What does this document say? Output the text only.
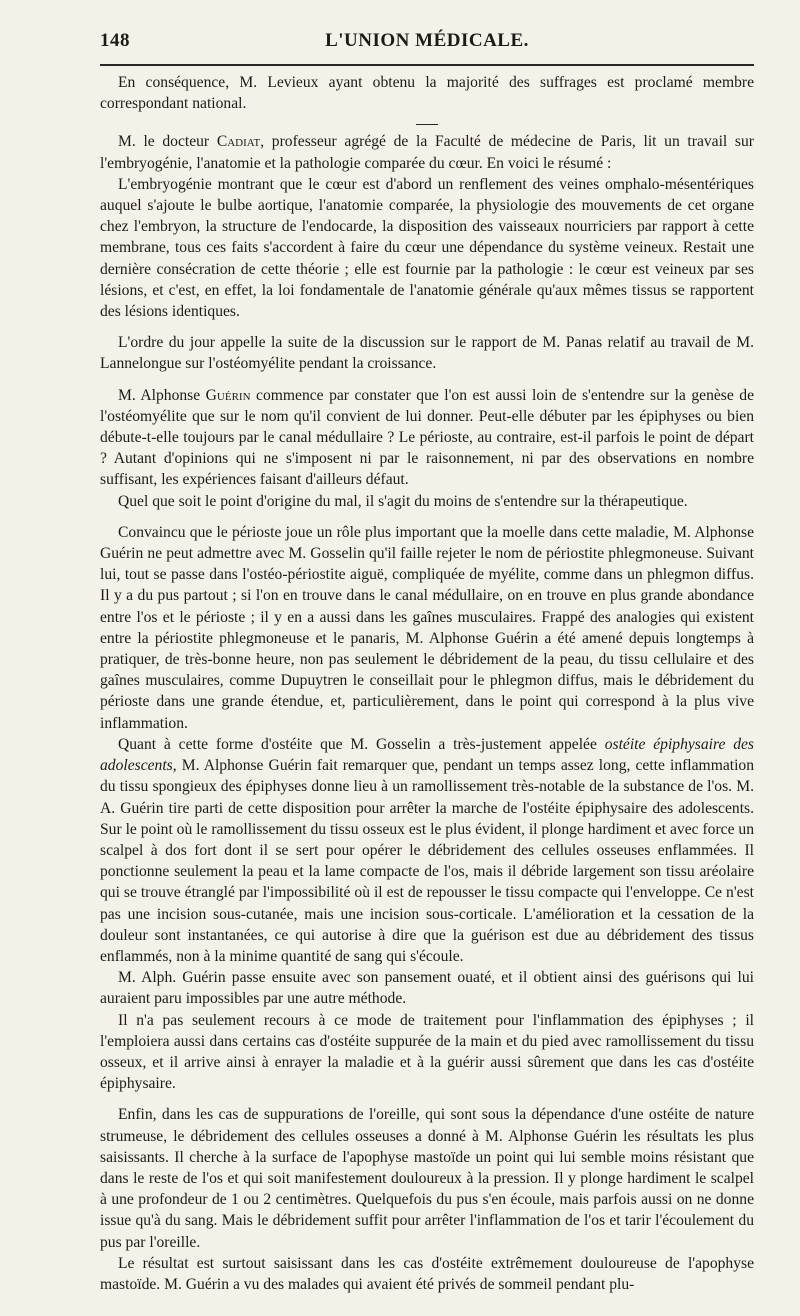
148	L'UNION MÉDICALE.

En conséquence, M. Levieux ayant obtenu la majorité des suffrages est proclamé membre correspondant national.

M. le docteur Cadiat, professeur agrégé de la Faculté de médecine de Paris, lit un travail sur l'embryogénie, l'anatomie et la pathologie comparée du cœur. En voici le résumé :

L'embryogénie montrant que le cœur est d'abord un renflement des veines omphalo-mésentériques auquel s'ajoute le bulbe aortique, l'anatomie comparée, la physiologie des mouvements de cet organe chez l'embryon, la structure de l'endocarde, la disposition des vaisseaux nourriciers par rapport à cette membrane, tous ces faits s'accordent à faire du cœur une dépendance du système veineux. Restait une dernière consécration de cette théorie ; elle est fournie par la pathologie : le cœur est veineux par ses lésions, et c'est, en effet, la loi fondamentale de l'anatomie générale qu'aux mêmes tissus se rapportent des lésions identiques.

L'ordre du jour appelle la suite de la discussion sur le rapport de M. Panas relatif au travail de M. Lannelongue sur l'ostéomyélite pendant la croissance.

M. Alphonse Guérin commence par constater que l'on est aussi loin de s'entendre sur la genèse de l'ostéomyélite que sur le nom qu'il convient de lui donner. Peut-elle débuter par les épiphyses ou bien débute-t-elle toujours par le canal médullaire ? Le périoste, au contraire, est-il parfois le point de départ ? Autant d'opinions qui ne s'imposent ni par le raisonnement, ni par des observations en nombre suffisant, les expériences faisant d'ailleurs défaut.

Quel que soit le point d'origine du mal, il s'agit du moins de s'entendre sur la thérapeutique.

Convaincu que le périoste joue un rôle plus important que la moelle dans cette maladie, M. Alphonse Guérin ne peut admettre avec M. Gosselin qu'il faille rejeter le nom de périostite phlegmoneuse. Suivant lui, tout se passe dans l'ostéo-périostite aiguë, compliquée de myélite, comme dans un phlegmon diffus. Il y a du pus partout ; si l'on en trouve dans le canal médullaire, on en trouve en plus grande abondance entre l'os et le périoste ; il y en a aussi dans les gaînes musculaires. Frappé des analogies qui existent entre la périostite phlegmoneuse et le panaris, M. Alphonse Guérin a été amené depuis longtemps à pratiquer, de très-bonne heure, non pas seulement le débridement de la peau, du tissu cellulaire et des gaînes musculaires, comme Dupuytren le conseillait pour le phlegmon diffus, mais le débridement du périoste dans une grande étendue, et, particulièrement, dans le point qui correspond à la plus vive inflammation.

Quant à cette forme d'ostéite que M. Gosselin a très-justement appelée ostéite épiphysaire des adolescents, M. Alphonse Guérin fait remarquer que, pendant un temps assez long, cette inflammation du tissu spongieux des épiphyses donne lieu à un ramollissement très-notable de la substance de l'os. M. A. Guérin tire parti de cette disposition pour arrêter la marche de l'ostéite épiphysaire des adolescents. Sur le point où le ramollissement du tissu osseux est le plus évident, il plonge hardiment et avec force un scalpel à dos fort dont il se sert pour opérer le débridement des cellules osseuses enflammées. Il ponctionne seulement la peau et la lame compacte de l'os, mais il débride largement son tissu aréolaire qui se trouve étranglé par l'impossibilité où il est de repousser le tissu compacte qui l'enveloppe. Ce n'est pas une incision sous-cutanée, mais une incision sous-corticale. L'amélioration et la cessation de la douleur sont instantanées, ce qui autorise à dire que la guérison est due au débridement des tissus enflammés, non à la minime quantité de sang qui s'écoule.

M. Alph. Guérin passe ensuite avec son pansement ouaté, et il obtient ainsi des guérisons qui lui auraient paru impossibles par une autre méthode.

Il n'a pas seulement recours à ce mode de traitement pour l'inflammation des épiphyses ; il l'emploiera aussi dans certains cas d'ostéite suppurée de la main et du pied avec ramollissement du tissu osseux, et il arrive ainsi à enrayer la maladie et à la guérir aussi sûrement que dans les cas d'ostéite épiphysaire.

Enfin, dans les cas de suppurations de l'oreille, qui sont sous la dépendance d'une ostéite de nature strumeuse, le débridement des cellules osseuses a donné à M. Alphonse Guérin les résultats les plus saisissants. Il cherche à la surface de l'apophyse mastoïde un point qui lui semble moins résistant que dans le reste de l'os et qui soit manifestement douloureux à la pression. Il y plonge hardiment le scalpel à une profondeur de 1 ou 2 centimètres. Quelquefois du pus s'en écoule, mais parfois aussi on ne donne issue qu'à du sang. Mais le débridement suffit pour arrêter l'inflammation de l'os et tarir l'écoulement du pus par l'oreille.

Le résultat est surtout saisissant dans les cas d'ostéite extrêmement douloureuse de l'apophyse mastoïde. M. Guérin a vu des malades qui avaient été privés de sommeil pendant plu-
